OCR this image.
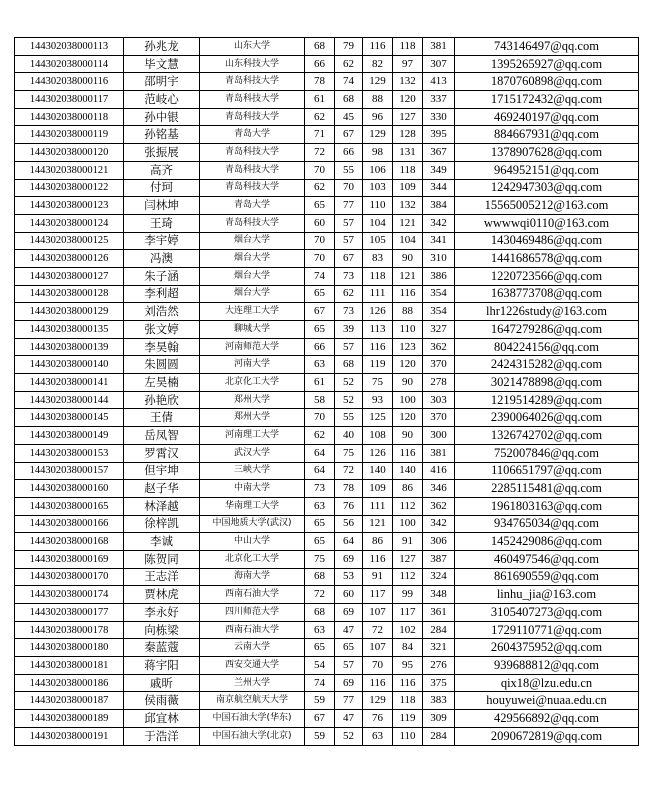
144302038000113	孙兆龙	山东大学	68	79	116	118	381	743146497@qq.com
144302038000114	毕文慧	山东科技大学	66	62	82	97	307	1395265927@qq.com
144302038000116	邵明宇	青岛科技大学	78	74	129	132	413	1870760898@qq.com
144302038000117	范岐心	青岛科技大学	61	68	88	120	337	1715172432@qq.com
144302038000118	孙中银	青岛科技大学	62	45	96	127	330	469240197@qq.com
144302038000119	孙铭基	青岛大学	71	67	129	128	395	884667931@qq.com
144302038000120	张振展	青岛科技大学	72	66	98	131	367	1378907628@qq.com
144302038000121	高齐	青岛科技大学	70	55	106	118	349	964952151@qq.com
144302038000122	付珂	青岛科技大学	62	70	103	109	344	1242947303@qq.com
144302038000123	闫林坤	青岛大学	65	77	110	132	384	15565005212@163.com
144302038000124	王琦	青岛科技大学	60	57	104	121	342	wwwwqi0110@163.com
144302038000125	李宇婷	烟台大学	70	57	105	104	341	1430469486@qq.com
144302038000126	冯澳	烟台大学	70	67	83	90	310	1441686578@qq.com
144302038000127	朱子涵	烟台大学	74	73	118	121	386	1220723566@qq.com
144302038000128	李利超	烟台大学	65	62	111	116	354	1638773708@qq.com
144302038000129	刘浩然	大连理工大学	67	73	126	88	354	lhr1226study@163.com
144302038000135	张文婷	聊城大学	65	39	113	110	327	1647279286@qq.com
144302038000139	李昊翰	河南师范大学	66	57	116	123	362	804224156@qq.com
144302038000140	朱圆圆	河南大学	63	68	119	120	370	2424315282@qq.com
144302038000141	左昊楠	北京化工大学	61	52	75	90	278	3021478898@qq.com
144302038000144	孙艳欣	郑州大学	58	52	93	100	303	1219514289@qq.com
144302038000145	王倩	郑州大学	70	55	125	120	370	2390064026@qq.com
144302038000149	岳凤智	河南理工大学	62	40	108	90	300	1326742702@qq.com
144302038000153	罗霄汉	武汉大学	64	75	126	116	381	752007846@qq.com
144302038000157	但宇坤	三峡大学	64	72	140	140	416	1106651797@qq.com
144302038000160	赵子华	中南大学	73	78	109	86	346	2285115481@qq.com
144302038000165	林泽越	华南理工大学	63	76	111	112	362	1961803163@qq.com
144302038000166	徐梓凯	中国地质大学(武汉)	65	56	121	100	342	934765034@qq.com
144302038000168	李诚	中山大学	65	64	86	91	306	1452429086@qq.com
144302038000169	陈贺同	北京化工大学	75	69	116	127	387	460497546@qq.com
144302038000170	王志洋	海南大学	68	53	91	112	324	861690559@qq.com
144302038000174	贾林虎	西南石油大学	72	60	117	99	348	linhu_jia@163.com
144302038000177	李永好	四川师范大学	68	69	107	117	361	3105407273@qq.com
144302038000178	向栋梁	西南石油大学	63	47	72	102	284	1729110771@qq.com
144302038000180	秦蓝蔻	云南大学	65	65	107	84	321	2604375952@qq.com
144302038000181	蒋宇阳	西安交通大学	54	57	70	95	276	939688812@qq.com
144302038000186	戚昕	兰州大学	74	69	116	116	375	qix18@lzu.edu.cn
144302038000187	侯雨薇	南京航空航天大学	59	77	129	118	383	houyuwei@nuaa.edu.cn
144302038000189	邱宜林	中国石油大学(华东)	67	47	76	119	309	429566892@qq.com
144302038000191	于浩洋	中国石油大学(北京)	59	52	63	110	284	2090672819@qq.com
